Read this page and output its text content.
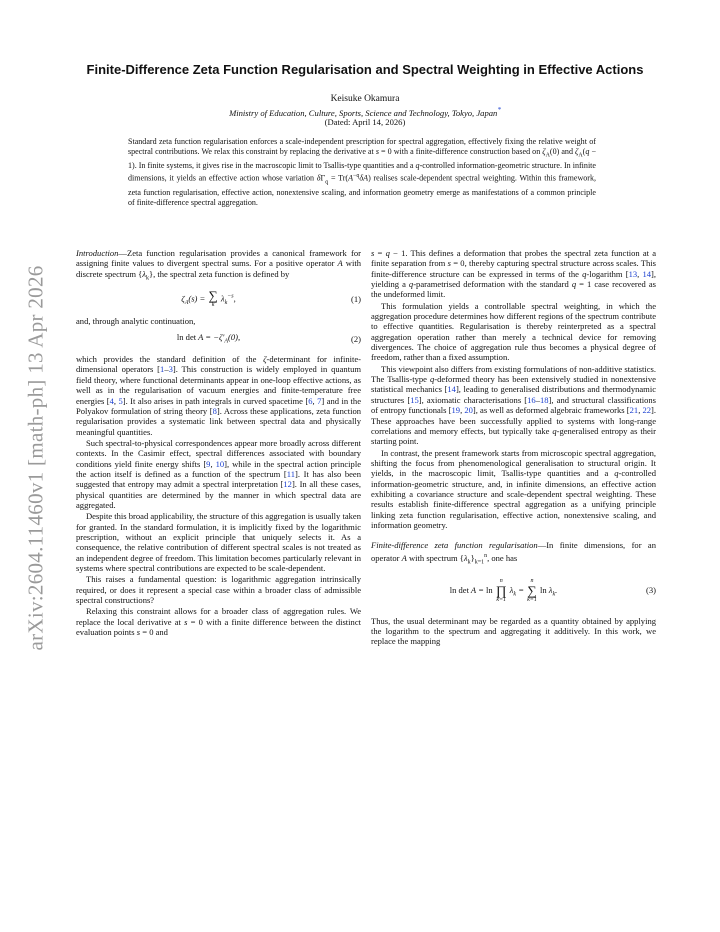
arXiv:2604.11460v1 [math-ph] 13 Apr 2026
Finite-Difference Zeta Function Regularisation and Spectral Weighting in Effective Actions
Keisuke Okamura
Ministry of Education, Culture, Sports, Science and Technology, Tokyo, Japan*
(Dated: April 14, 2026)

Standard zeta function regularisation enforces a scale-independent prescription for spectral aggregation, effectively fixing the relative weight of spectral contributions. We relax this constraint by replacing the derivative at s = 0 with a finite-difference construction based on $\zeta_A(0)$ and $\zeta_A(q - 1)$. In finite systems, it gives rise in the macroscopic limit to Tsallis-type quantities and a q-controlled information-geometric structure. In infinite dimensions, it yields an effective action whose variation $\delta\Gamma_q = Tr(A^{-q}\delta A)$ realises scale-dependent spectral weighting. Within this framework, zeta function regularisation, effective action, nonextensive scaling, and information geometry emerge as manifestations of a common principle of finite-difference spectral aggregation.

Introduction—Zeta function regularisation provides a canonical framework for assigning finite values to divergent spectral sums. For a positive operator A with discrete spectrum $\{\lambda_k\}$, the spectral zeta function is defined by

$\zeta_A(s)$ = ∑
k
$\lambda_k^{-s}$,	(1)

and, through analytic continuation,

$\ln \det A = -\zeta'_A(0)$,	(2)

which provides the standard definition of the ζ-determinant for infinite-dimensional operators [1–3]. This construction is widely employed in quantum field theory, where functional determinants appear in one-loop effective actions, as well as in the regularisation of vacuum energies and finite-temperature free energies [4, 5]. It also arises in path integrals in curved spacetime [6, 7] and in the Polyakov formulation of string theory [8]. Across these applications, zeta function regularisation provides a systematic link between spectral data and physically meaningful quantities.

Such spectral-to-physical correspondences appear more broadly across different contexts. In the Casimir effect, spectral differences associated with boundary conditions yield finite energy shifts [9, 10], while in the spectral action principle the action itself is defined as a function of the spectrum [11]. It has also been suggested that entropy may admit a spectral interpretation [12]. In all these cases, physical quantities are determined by the manner in which spectral data are aggregated.

Despite this broad applicability, the structure of this aggregation is usually taken for granted. In the standard formulation, it is implicitly fixed by the logarithmic prescription, without an explicit principle that uniquely selects it. As a consequence, the relative contribution of different spectral scales is not treated as an independent degree of freedom. This limitation becomes particularly relevant in systems where spectral contributions are expected to be scale-dependent.

This raises a fundamental question: is logarithmic aggregation intrinsically required, or does it represent a special case within a broader class of admissible spectral constructions?

Relaxing this constraint allows for a broader class of aggregation rules. We replace the local derivative at s = 0 with a finite difference between the distinct evaluation points s = 0 and

s = q − 1. This defines a deformation that probes the spectral zeta function at a finite separation from s = 0, thereby capturing spectral structure across scales. This finite-difference structure can be expressed in terms of the q-logarithm [13, 14], yielding a q-parametrised deformation with the standard q = 1 case recovered as the undeformed limit.

This formulation yields a controllable spectral weighting, in which the aggregation procedure determines how different regions of the spectrum contribute to effective quantities. Regularisation is thereby reinterpreted as a spectral aggregation operation rather than merely a technical device for removing divergences. The choice of aggregation rule thus becomes a physical degree of freedom, rather than a fixed assumption.

This viewpoint also differs from existing formulations of non-additive statistics. The Tsallis-type q-deformed theory has been extensively studied in nonextensive statistical mechanics [14], leading to generalised distributions and thermodynamic structures [15], axiomatic characterisations [16–18], and structural classifications of entropy functionals [19, 20], as well as deformed algebraic frameworks [21, 22]. These approaches have been successfully applied to systems with long-range correlations and memory effects, but typically take q-generalised entropy as their starting point.

In contrast, the present framework starts from microscopic spectral aggregation, shifting the focus from phenomenological generalisation to structural origin. It yields, in the macroscopic limit, Tsallis-type quantities and a q-controlled information-geometric structure, and, in infinite dimensions, an effective action exhibiting a covariance structure and scale-dependent spectral weighting. These results establish finite-difference spectral aggregation as a unifying principle linking zeta function regularisation, effective action, nonextensive scaling, and information geometry.

Finite-difference zeta function regularisation—In finite dimensions, for an operator A with spectrum $\{\lambda_k\}_{k=1}^n$, one has

ln det A = ln
n
∏
k=1
$\lambda_k$ =
n
∑
k=1
$\ln \lambda_k$.	(3)

Thus, the usual determinant may be regarded as a quantity obtained by applying the logarithm to the spectrum and aggregating it additively. In this work, we replace the mapping
